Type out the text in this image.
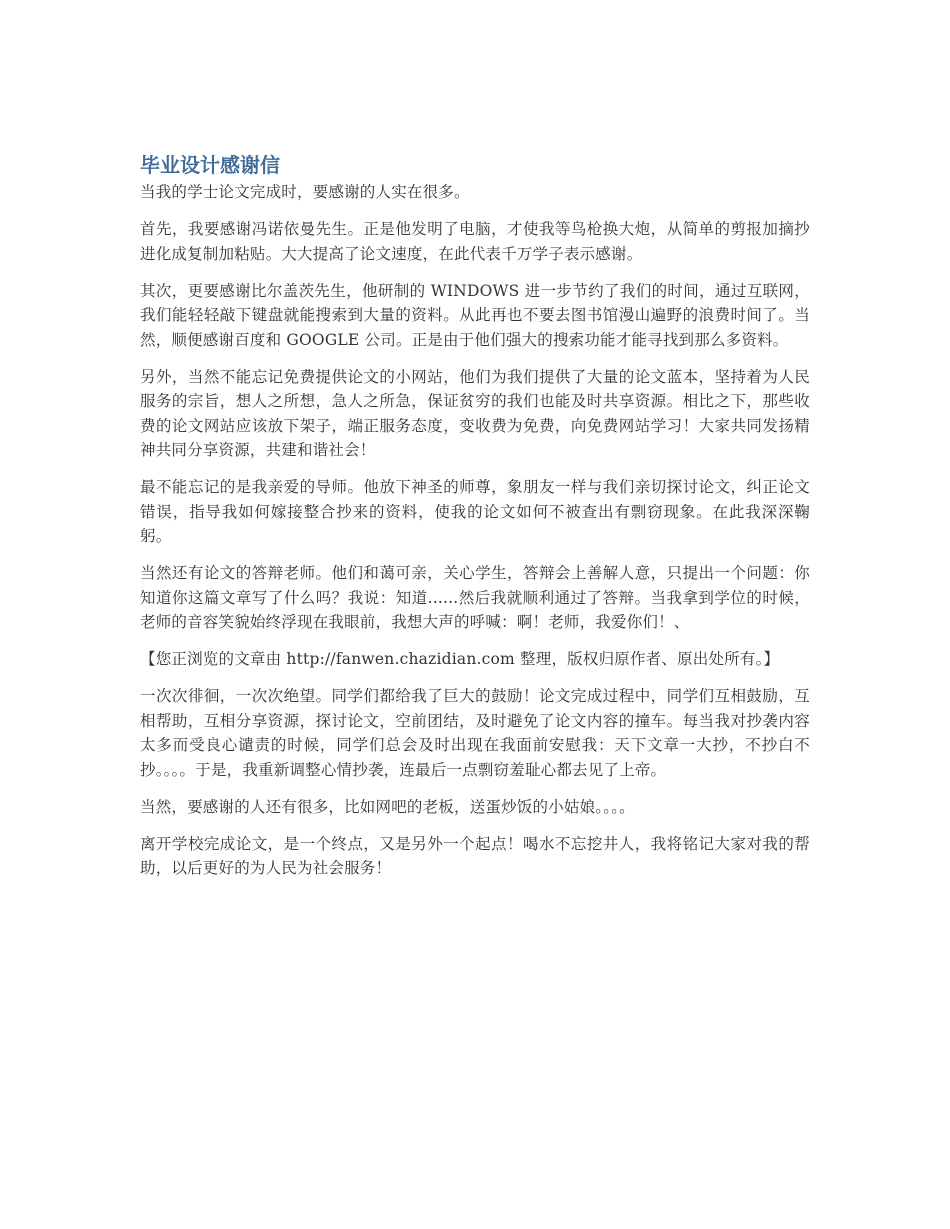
毕业设计感谢信

当我的学士论文完成时，要感谢的人实在很多。

首先，我要感谢冯诺依曼先生。正是他发明了电脑，才使我等鸟枪换大炮，从简单的剪报加摘抄进化成复制加粘贴。大大提高了论文速度，在此代表千万学子表示感谢。

其次，更要感谢比尔盖茨先生，他研制的 WINDOWS 进一步节约了我们的时间，通过互联网，我们能轻轻敲下键盘就能搜索到大量的资料。从此再也不要去图书馆漫山遍野的浪费时间了。当然，顺便感谢百度和 GOOGLE 公司。正是由于他们强大的搜索功能才能寻找到那么多资料。

另外，当然不能忘记免费提供论文的小网站，他们为我们提供了大量的论文蓝本，坚持着为人民服务的宗旨，想人之所想，急人之所急，保证贫穷的我们也能及时共享资源。相比之下，那些收费的论文网站应该放下架子，端正服务态度，变收费为免费，向免费网站学习！大家共同发扬精神共同分享资源，共建和谐社会！

最不能忘记的是我亲爱的导师。他放下神圣的师尊，象朋友一样与我们亲切探讨论文，纠正论文错误，指导我如何嫁接整合抄来的资料，使我的论文如何不被查出有剽窃现象。在此我深深鞠躬。

当然还有论文的答辩老师。他们和蔼可亲，关心学生，答辩会上善解人意，只提出一个问题：你知道你这篇文章写了什么吗？我说：知道......然后我就顺利通过了答辩。当我拿到学位的时候，老师的音容笑貌始终浮现在我眼前，我想大声的呼喊：啊！老师，我爱你们！、

【您正浏览的文章由 http://fanwen.chazidian.com 整理，版权归原作者、原出处所有。】

一次次徘徊，一次次绝望。同学们都给我了巨大的鼓励！论文完成过程中，同学们互相鼓励，互相帮助，互相分享资源，探讨论文，空前团结，及时避免了论文内容的撞车。每当我对抄袭内容太多而受良心谴责的时候，同学们总会及时出现在我面前安慰我：天下文章一大抄，不抄白不抄。。。。于是，我重新调整心情抄袭，连最后一点剽窃羞耻心都去见了上帝。

当然，要感谢的人还有很多，比如网吧的老板，送蛋炒饭的小姑娘。。。。

离开学校完成论文，是一个终点，又是另外一个起点！喝水不忘挖井人，我将铭记大家对我的帮助，以后更好的为人民为社会服务！
